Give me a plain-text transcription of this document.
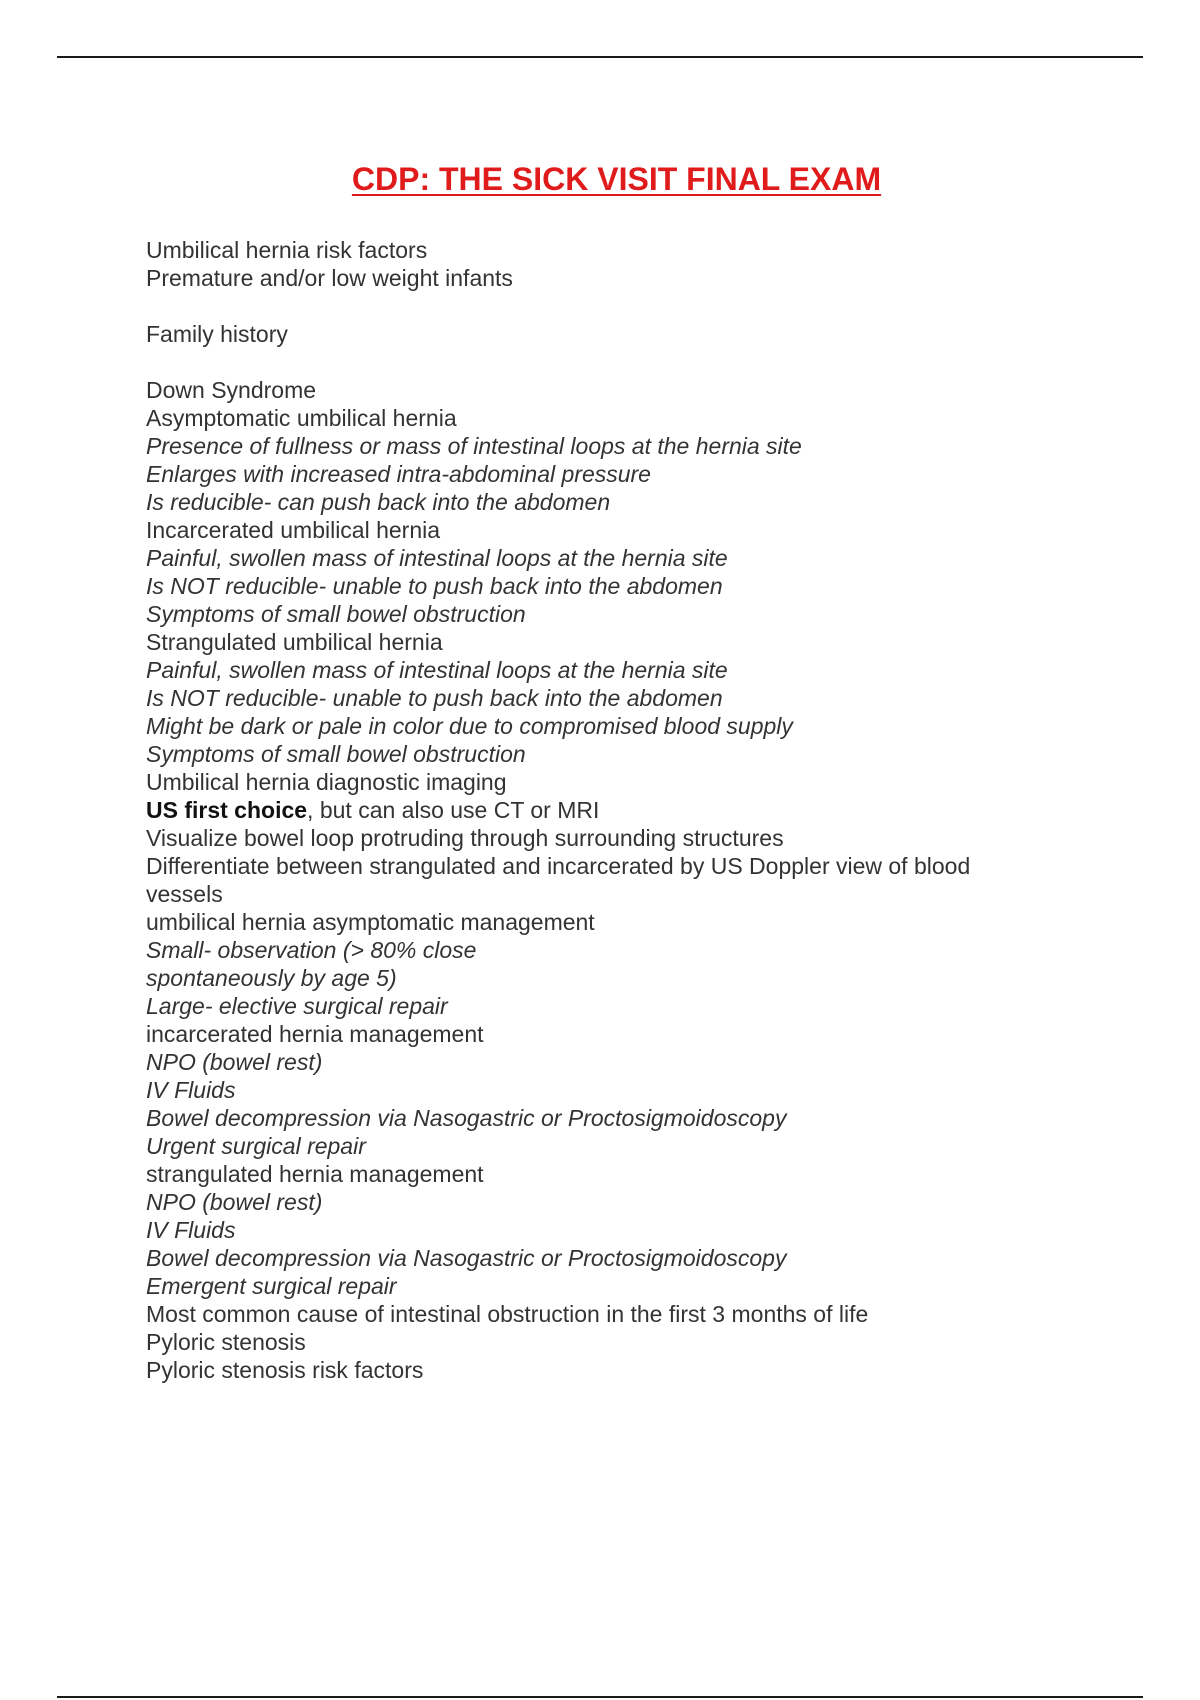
CDP: THE SICK VISIT FINAL EXAM

Umbilical hernia risk factors

Premature and/or low weight infants

Family history

Down Syndrome

Asymptomatic umbilical hernia

Presence of fullness or mass of intestinal loops at the hernia site

Enlarges with increased intra-abdominal pressure

Is reducible- can push back into the abdomen

Incarcerated umbilical hernia

Painful, swollen mass of intestinal loops at the hernia site

Is NOT reducible- unable to push back into the abdomen

Symptoms of small bowel obstruction

Strangulated umbilical hernia

Painful, swollen mass of intestinal loops at the hernia site

Is NOT reducible- unable to push back into the abdomen

Might be dark or pale in color due to compromised blood supply

Symptoms of small bowel obstruction

Umbilical hernia diagnostic imaging

US first choice, but can also use CT or MRI

Visualize bowel loop protruding through surrounding structures

Differentiate between strangulated and incarcerated by US Doppler view of blood vessels

umbilical hernia asymptomatic management

Small- observation (> 80% close

spontaneously by age 5)

Large- elective surgical repair

incarcerated hernia management

NPO (bowel rest)

IV Fluids

Bowel decompression via Nasogastric or Proctosigmoidoscopy

Urgent surgical repair

strangulated hernia management

NPO (bowel rest)

IV Fluids

Bowel decompression via Nasogastric or Proctosigmoidoscopy

Emergent surgical repair

Most common cause of intestinal obstruction in the first 3 months of life

Pyloric stenosis

Pyloric stenosis risk factors
